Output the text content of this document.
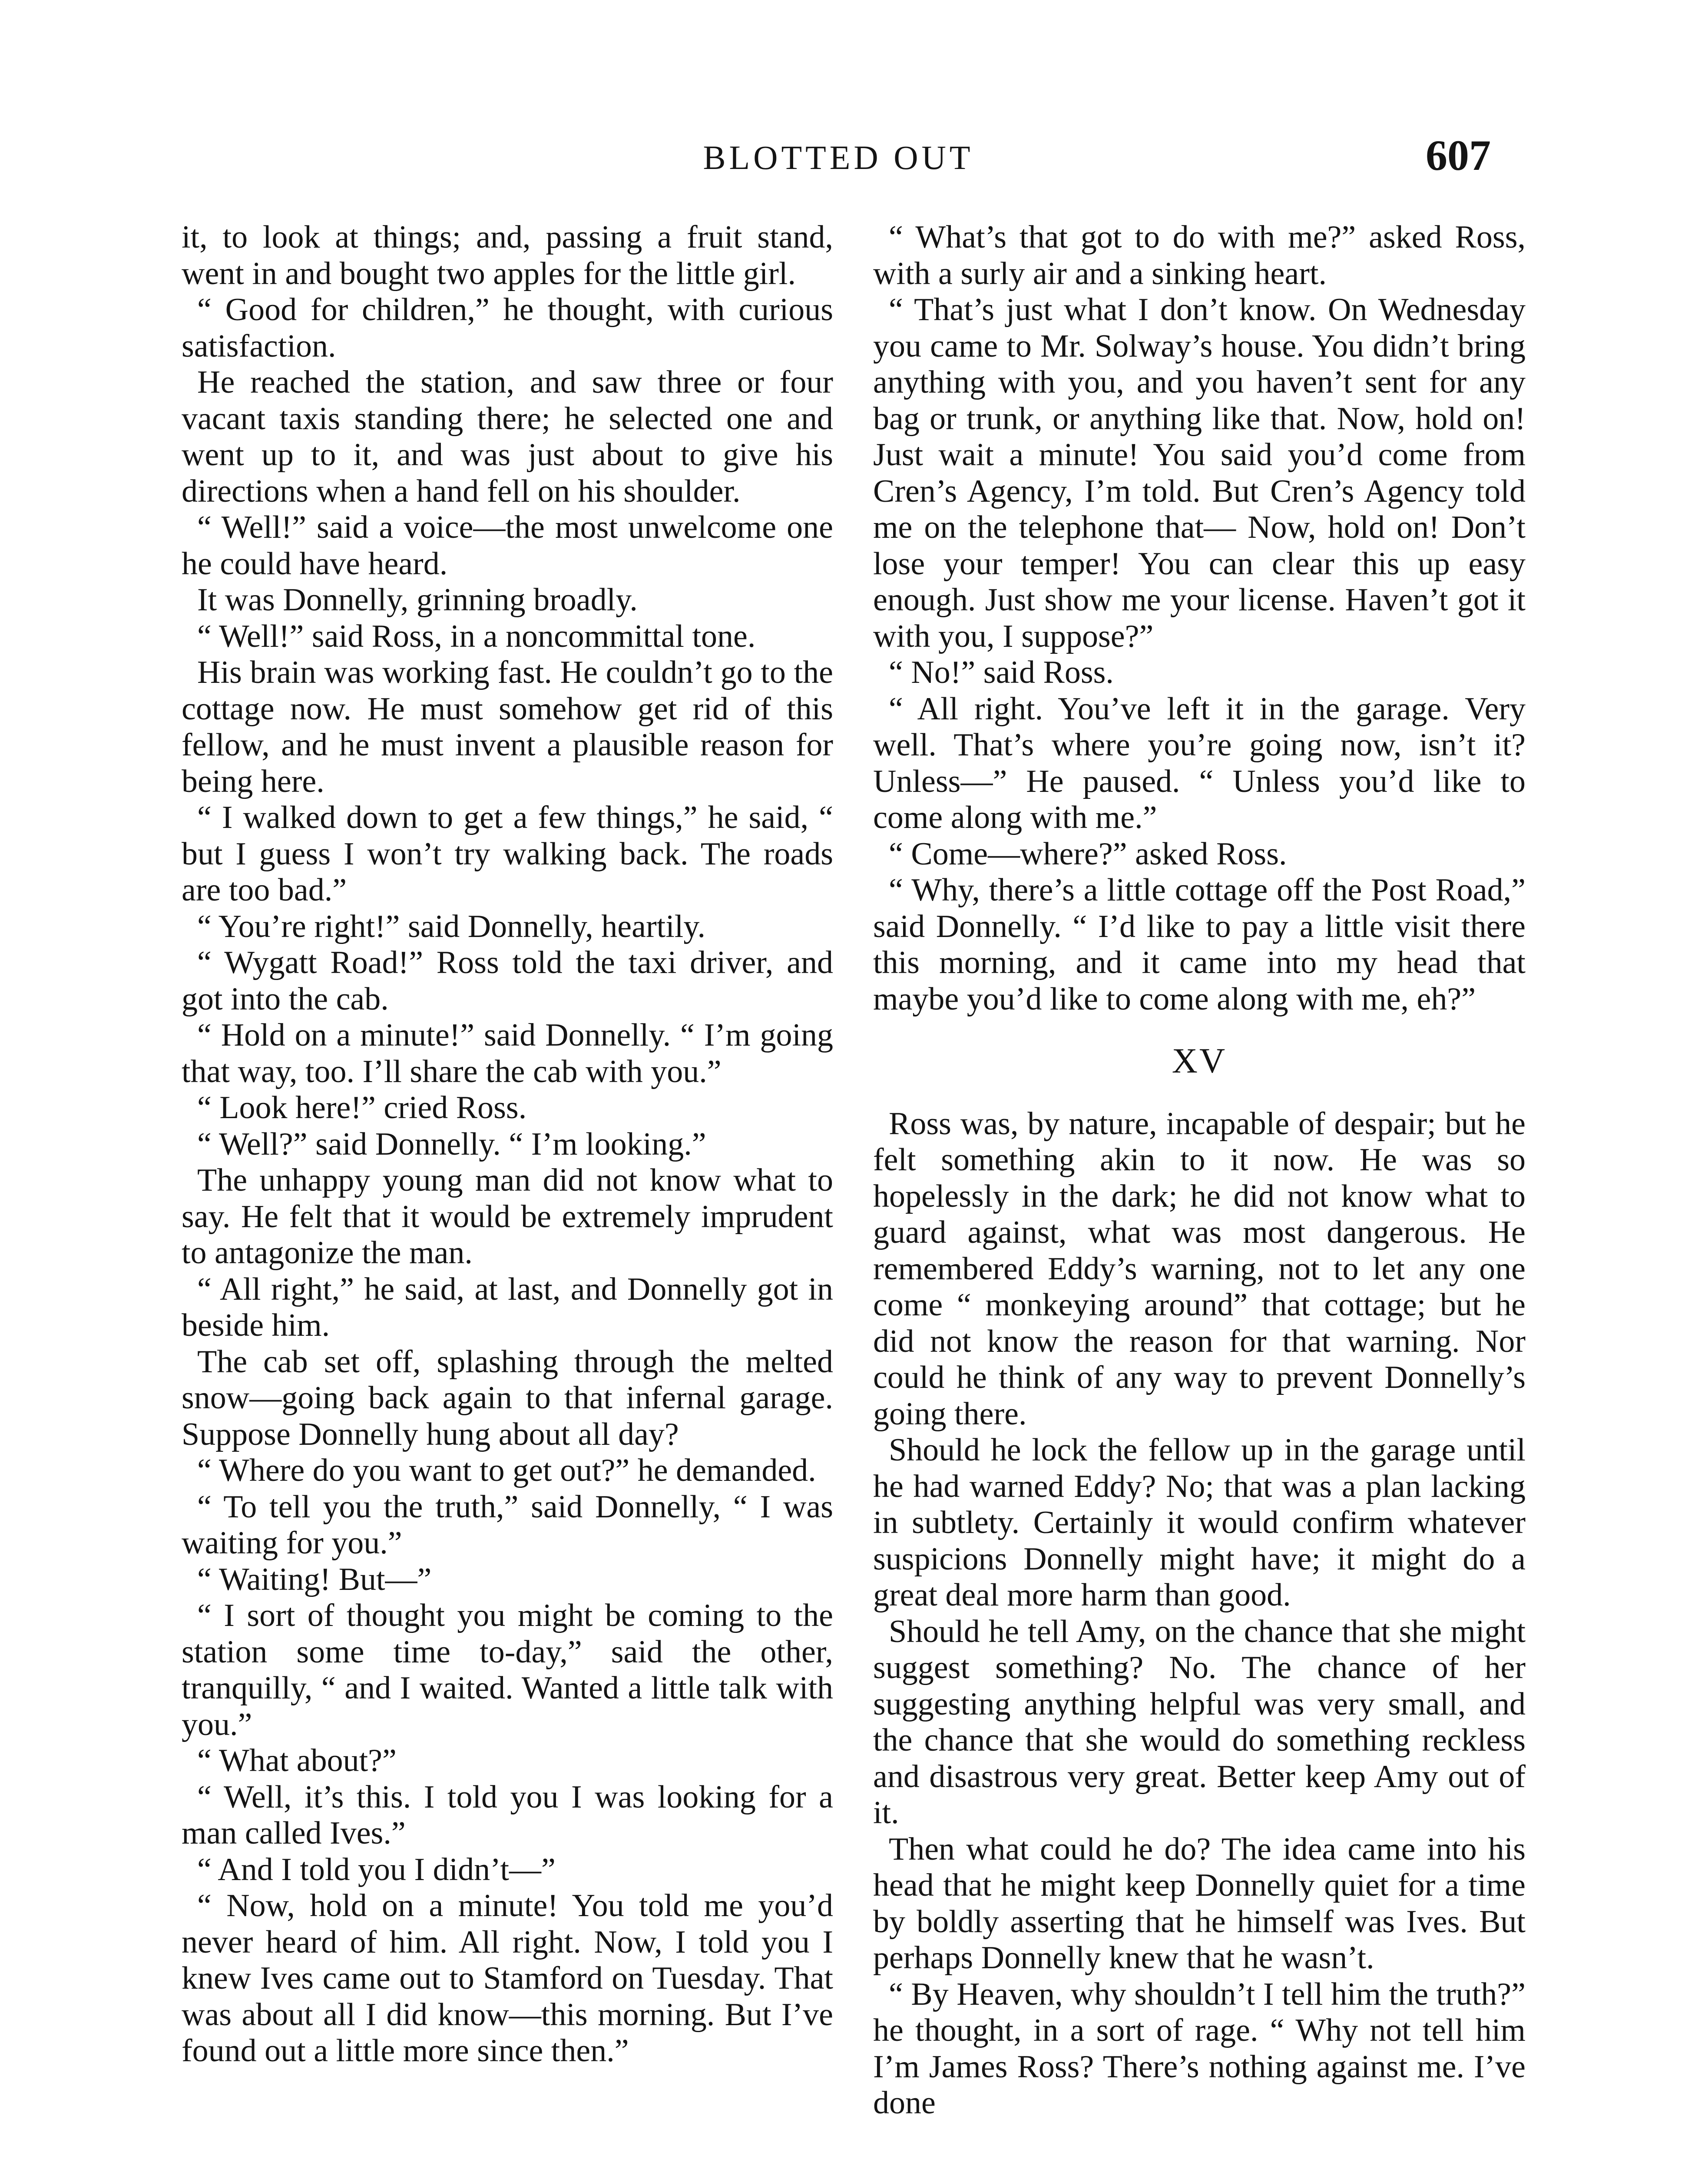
BLOTTED OUT	607

it, to look at things; and, passing a fruit stand, went in and bought two apples for the little girl.

“ Good for children,” he thought, with curious satisfaction.

He reached the station, and saw three or four vacant taxis standing there; he selected one and went up to it, and was just about to give his directions when a hand fell on his shoulder.

“ Well!” said a voice—the most unwelcome one he could have heard.

It was Donnelly, grinning broadly.

“ Well!” said Ross, in a noncommittal tone.

His brain was working fast. He couldn’t go to the cottage now. He must somehow get rid of this fellow, and he must invent a plausible reason for being here.

“ I walked down to get a few things,” he said, “ but I guess I won’t try walking back. The roads are too bad.”

“ You’re right!” said Donnelly, heartily.

“ Wygatt Road!” Ross told the taxi driver, and got into the cab.

“ Hold on a minute!” said Donnelly. “ I’m going that way, too. I’ll share the cab with you.”

“ Look here!” cried Ross.

“ Well?” said Donnelly. “ I’m looking.”

The unhappy young man did not know what to say. He felt that it would be extremely imprudent to antagonize the man.

“ All right,” he said, at last, and Donnelly got in beside him.

The cab set off, splashing through the melted snow—going back again to that infernal garage. Suppose Donnelly hung about all day?

“ Where do you want to get out?” he demanded.

“ To tell you the truth,” said Donnelly, “ I was waiting for you.”

“ Waiting! But—”

“ I sort of thought you might be coming to the station some time to-day,” said the other, tranquilly, “ and I waited. Wanted a little talk with you.”

“ What about?”

“ Well, it’s this. I told you I was looking for a man called Ives.”

“ And I told you I didn’t—”

“ Now, hold on a minute! You told me you’d never heard of him. All right. Now, I told you I knew Ives came out to Stamford on Tuesday. That was about all I did know—this morning. But I’ve found out a little more since then.”

“ What’s that got to do with me?” asked Ross, with a surly air and a sinking heart.

“ That’s just what I don’t know. On Wednesday you came to Mr. Solway’s house. You didn’t bring anything with you, and you haven’t sent for any bag or trunk, or anything like that. Now, hold on! Just wait a minute! You said you’d come from Cren’s Agency, I’m told. But Cren’s Agency told me on the telephone that— Now, hold on! Don’t lose your temper! You can clear this up easy enough. Just show me your license. Haven’t got it with you, I suppose?”

“ No!” said Ross.

“ All right. You’ve left it in the garage. Very well. That’s where you’re going now, isn’t it? Unless—” He paused. “ Unless you’d like to come along with me.”

“ Come—where?” asked Ross.

“ Why, there’s a little cottage off the Post Road,” said Donnelly. “ I’d like to pay a little visit there this morning, and it came into my head that maybe you’d like to come along with me, eh?”

XV

Ross was, by nature, incapable of despair; but he felt something akin to it now. He was so hopelessly in the dark; he did not know what to guard against, what was most dangerous. He remembered Eddy’s warning, not to let any one come “ monkeying around” that cottage; but he did not know the reason for that warning. Nor could he think of any way to prevent Donnelly’s going there.

Should he lock the fellow up in the garage until he had warned Eddy? No; that was a plan lacking in subtlety. Certainly it would confirm whatever suspicions Donnelly might have; it might do a great deal more harm than good.

Should he tell Amy, on the chance that she might suggest something? No. The chance of her suggesting anything helpful was very small, and the chance that she would do something reckless and disastrous very great. Better keep Amy out of it.

Then what could he do? The idea came into his head that he might keep Donnelly quiet for a time by boldly asserting that he himself was Ives. But perhaps Donnelly knew that he wasn’t.

“ By Heaven, why shouldn’t I tell him the truth?” he thought, in a sort of rage. “ Why not tell him I’m James Ross? There’s nothing against me. I’ve done
